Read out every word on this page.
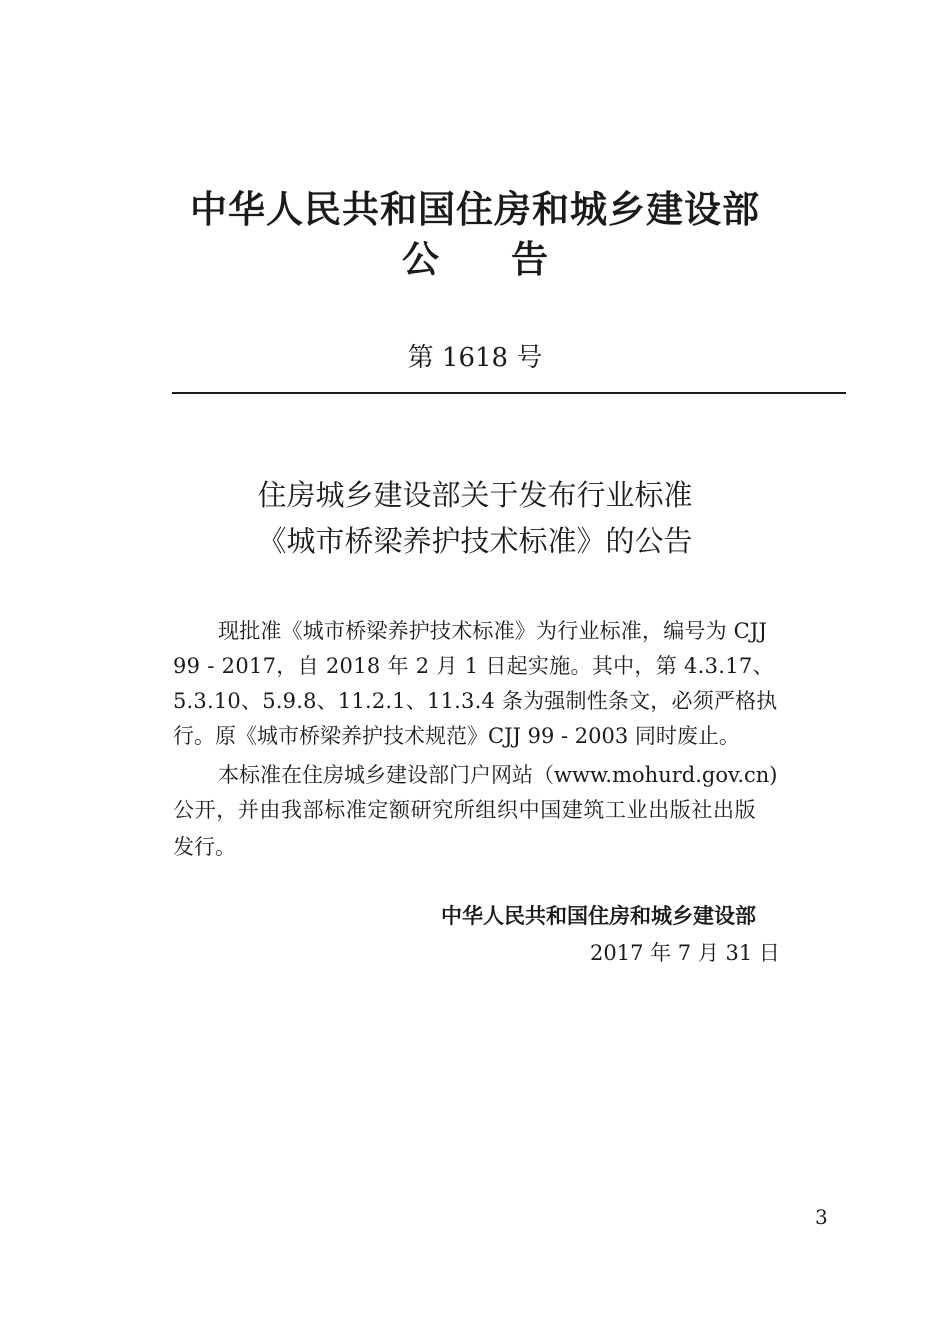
中华人民共和国住房和城乡建设部
公告
第 1618 号
住房城乡建设部关于发布行业标准
《城市桥梁养护技术标准》的公告
现批准《城市桥梁养护技术标准》为行业标准，编号为 CJJ
99 - 2017，自 2018 年 2 月 1 日起实施。其中，第 4.3.17、
5.3.10、5.9.8、11.2.1、11.3.4 条为强制性条文，必须严格执
行。原《城市桥梁养护技术规范》CJJ 99 - 2003 同时废止。
本标准在住房城乡建设部门户网站（www.mohurd.gov.cn)
公开，并由我部标准定额研究所组织中国建筑工业出版社出版
发行。
中华人民共和国住房和城乡建设部
2017 年 7 月 31 日
3
